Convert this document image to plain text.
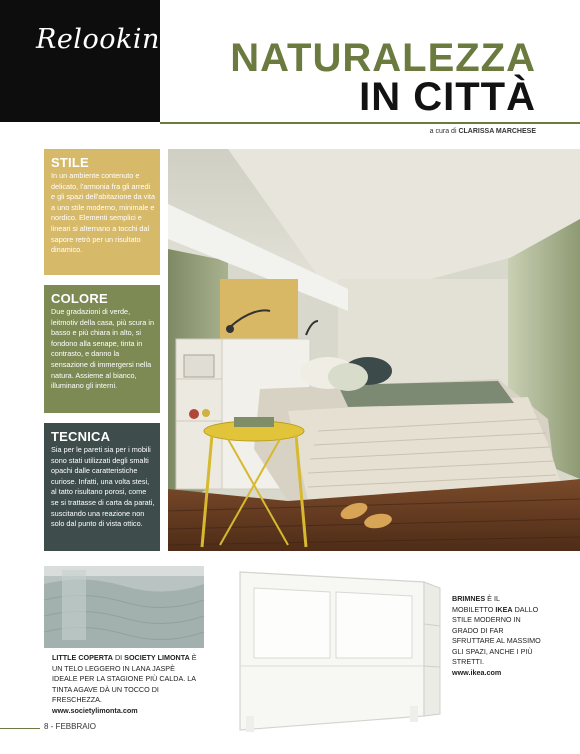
Relooking NATURALEZZA
IN CITTÀ
a cura di CLARISSA MARCHESE
STILE
In un ambiente contenuto e delicato, l'armonia fra gli arredi e gli spazi dell'abitazione da vita a uno stile moderno, minimale e nordico. Elementi semplici e lineari si alternano a tocchi dal sapore retrò per un risultato dinamico.
COLORE
Due gradazioni di verde, leitmotiv della casa, più scura in basso e più chiara in alto, si fondono alla senape, tinta in contrasto, e danno la sensazione di immergersi nella natura. Assieme al bianco, illuminano gli interni.
TECNICA
Sia per le pareti sia per i mobili sono stati utilizzati degli smalti opachi dalle caratteristiche curiose. Infatti, una volta stesi, al tatto risultano porosi, come se si trattasse di carta da parati, suscitando una reazione non solo dal punto di vista ottico.
LITTLE COPERTA DI SOCIETY LIMONTA È UN TELO LEGGERO IN LANA JASPÈ IDEALE PER LA STAGIONE PIÙ CALDA. LA TINTA AGAVE DÀ UN TOCCO DI FRESCHEZZA.
www.societylimonta.com
BRIMNES È IL MOBILETTO IKEA DALLO STILE MODERNO IN GRADO DI FAR SFRUTTARE AL MASSIMO GLI SPAZI, ANCHE I PIÙ STRETTI.
www.ikea.com
8 - FEBBRAIO
